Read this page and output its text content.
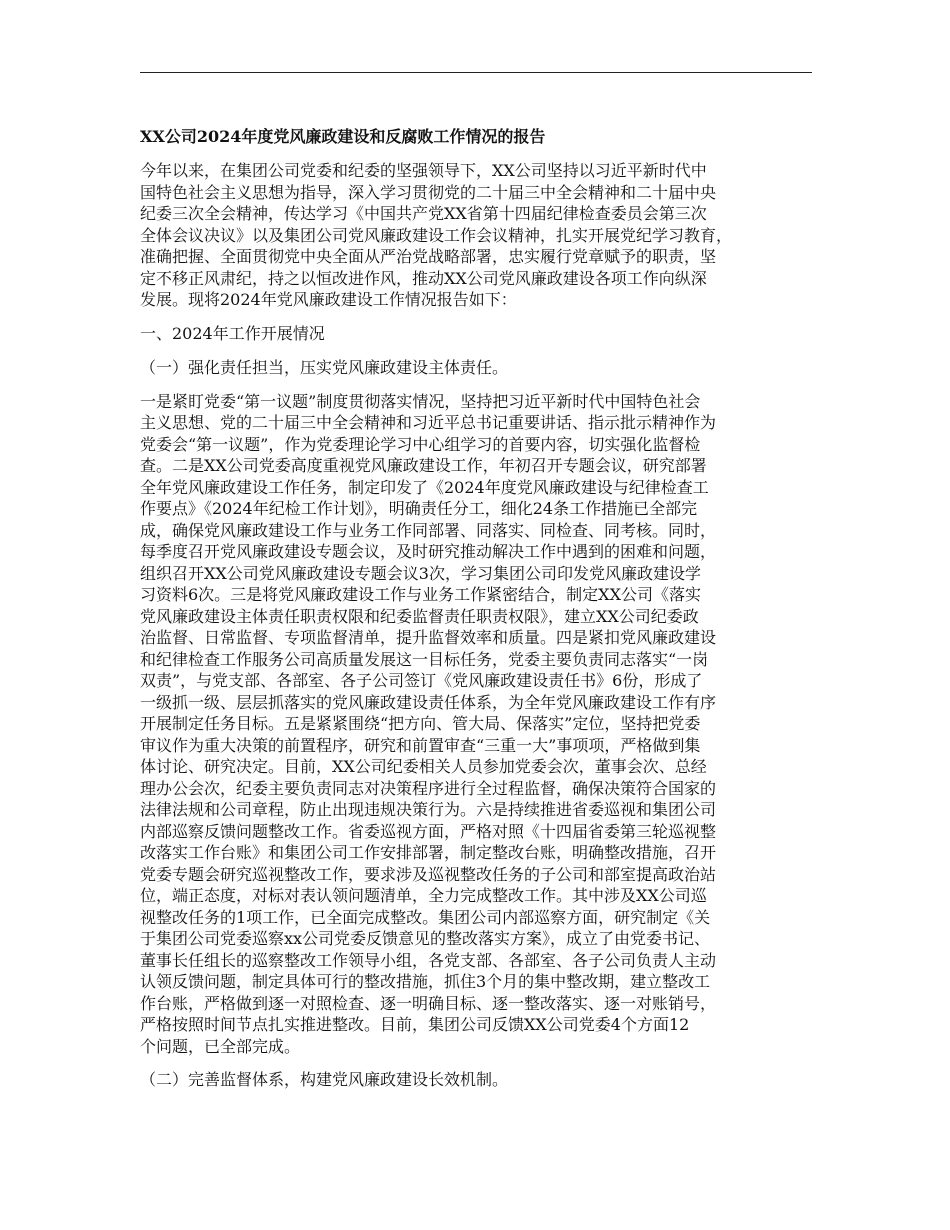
XX公司2024年度党风廉政建设和反腐败工作情况的报告

今年以来，在集团公司党委和纪委的坚强领导下，XX公司坚持以习近平新时代中
国特色社会主义思想为指导，深入学习贯彻党的二十届三中全会精神和二十届中央
纪委三次全会精神，传达学习《中国共产党XX省第十四届纪律检查委员会第三次
全体会议决议》以及集团公司党风廉政建设工作会议精神，扎实开展党纪学习教育，
准确把握、全面贯彻党中央全面从严治党战略部署，忠实履行党章赋予的职责，坚
定不移正风肃纪，持之以恒改进作风，推动XX公司党风廉政建设各项工作向纵深
发展。现将2024年党风廉政建设工作情况报告如下：

一、2024年工作开展情况
（一）强化责任担当，压实党风廉政建设主体责任。

一是紧盯党委“第一议题”制度贯彻落实情况，坚持把习近平新时代中国特色社会
主义思想、党的二十届三中全会精神和习近平总书记重要讲话、指示批示精神作为
党委会“第一议题”，作为党委理论学习中心组学习的首要内容，切实强化监督检
查。二是XX公司党委高度重视党风廉政建设工作，年初召开专题会议，研究部署
全年党风廉政建设工作任务，制定印发了《2024年度党风廉政建设与纪律检查工
作要点》《2024年纪检工作计划》，明确责任分工，细化24条工作措施已全部完
成，确保党风廉政建设工作与业务工作同部署、同落实、同检查、同考核。同时，
每季度召开党风廉政建设专题会议，及时研究推动解决工作中遇到的困难和问题，
组织召开XX公司党风廉政建设专题会议3次，学习集团公司印发党风廉政建设学
习资料6次。三是将党风廉政建设工作与业务工作紧密结合，制定XX公司《落实
党风廉政建设主体责任职责权限和纪委监督责任职责权限》，建立XX公司纪委政
治监督、日常监督、专项监督清单，提升监督效率和质量。四是紧扣党风廉政建设
和纪律检查工作服务公司高质量发展这一目标任务，党委主要负责同志落实“一岗
双责”，与党支部、各部室、各子公司签订《党风廉政建设责任书》6份，形成了
一级抓一级、层层抓落实的党风廉政建设责任体系，为全年党风廉政建设工作有序
开展制定任务目标。五是紧紧围绕“把方向、管大局、保落实”定位，坚持把党委
审议作为重大决策的前置程序，研究和前置审查“三重一大”事项项，严格做到集
体讨论、研究决定。目前，XX公司纪委相关人员参加党委会次，董事会次、总经
理办公会次，纪委主要负责同志对决策程序进行全过程监督，确保决策符合国家的
法律法规和公司章程，防止出现违规决策行为。六是持续推进省委巡视和集团公司
内部巡察反馈问题整改工作。省委巡视方面，严格对照《十四届省委第三轮巡视整
改落实工作台账》和集团公司工作安排部署，制定整改台账，明确整改措施，召开
党委专题会研究巡视整改工作，要求涉及巡视整改任务的子公司和部室提高政治站
位，端正态度，对标对表认领问题清单，全力完成整改工作。其中涉及XX公司巡
视整改任务的1项工作，已全面完成整改。集团公司内部巡察方面，研究制定《关
于集团公司党委巡察xx公司党委反馈意见的整改落实方案》，成立了由党委书记、
董事长任组长的巡察整改工作领导小组，各党支部、各部室、各子公司负责人主动
认领反馈问题，制定具体可行的整改措施，抓住3个月的集中整改期，建立整改工
作台账，严格做到逐一对照检查、逐一明确目标、逐一整改落实、逐一对账销号，
严格按照时间节点扎实推进整改。目前，集团公司反馈XX公司党委4个方面12
个问题，已全部完成。

（二）完善监督体系，构建党风廉政建设长效机制。
